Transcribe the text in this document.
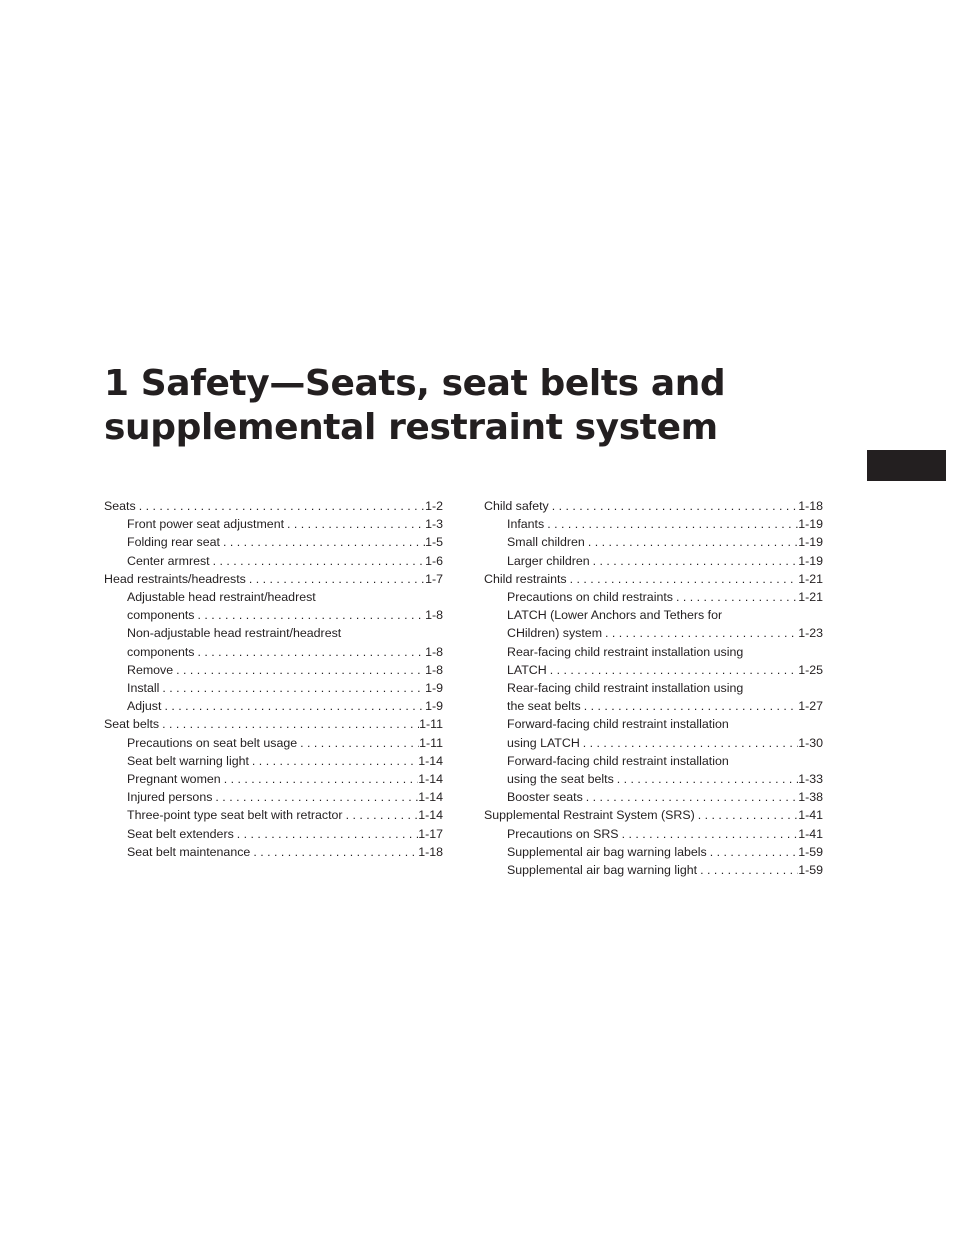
1 Safety—Seats, seat belts and
supplemental restraint system
Seats . . .	1-2
Front power seat adjustment . . .	1-3
Folding rear seat . . .	1-5
Center armrest . . .	1-6
Head restraints/headrests . . .	1-7
Adjustable head restraint/headrest
components . . .	1-8
Non-adjustable head restraint/headrest
components . . .	1-8
Remove . . .	1-8
Install . . .	1-9
Adjust . . .	1-9
Seat belts . . .	1-11
Precautions on seat belt usage . . .	1-11
Seat belt warning light . . .	1-14
Pregnant women . . .	1-14
Injured persons . . .	1-14
Three-point type seat belt with retractor . . .	1-14
Seat belt extenders . . .	1-17
Seat belt maintenance . . .	1-18
Child safety . . .	1-18
Infants . . .	1-19
Small children . . .	1-19
Larger children . . .	1-19
Child restraints . . .	1-21
Precautions on child restraints . . .	1-21
LATCH (Lower Anchors and Tethers for
CHildren) system . . .	1-23
Rear-facing child restraint installation using
LATCH . . .	1-25
Rear-facing child restraint installation using
the seat belts . . .	1-27
Forward-facing child restraint installation
using LATCH . . .	1-30
Forward-facing child restraint installation
using the seat belts . . .	1-33
Booster seats . . .	1-38
Supplemental Restraint System (SRS) . . .	1-41
Precautions on SRS . . .	1-41
Supplemental air bag warning labels . . .	1-59
Supplemental air bag warning light . . .	1-59
